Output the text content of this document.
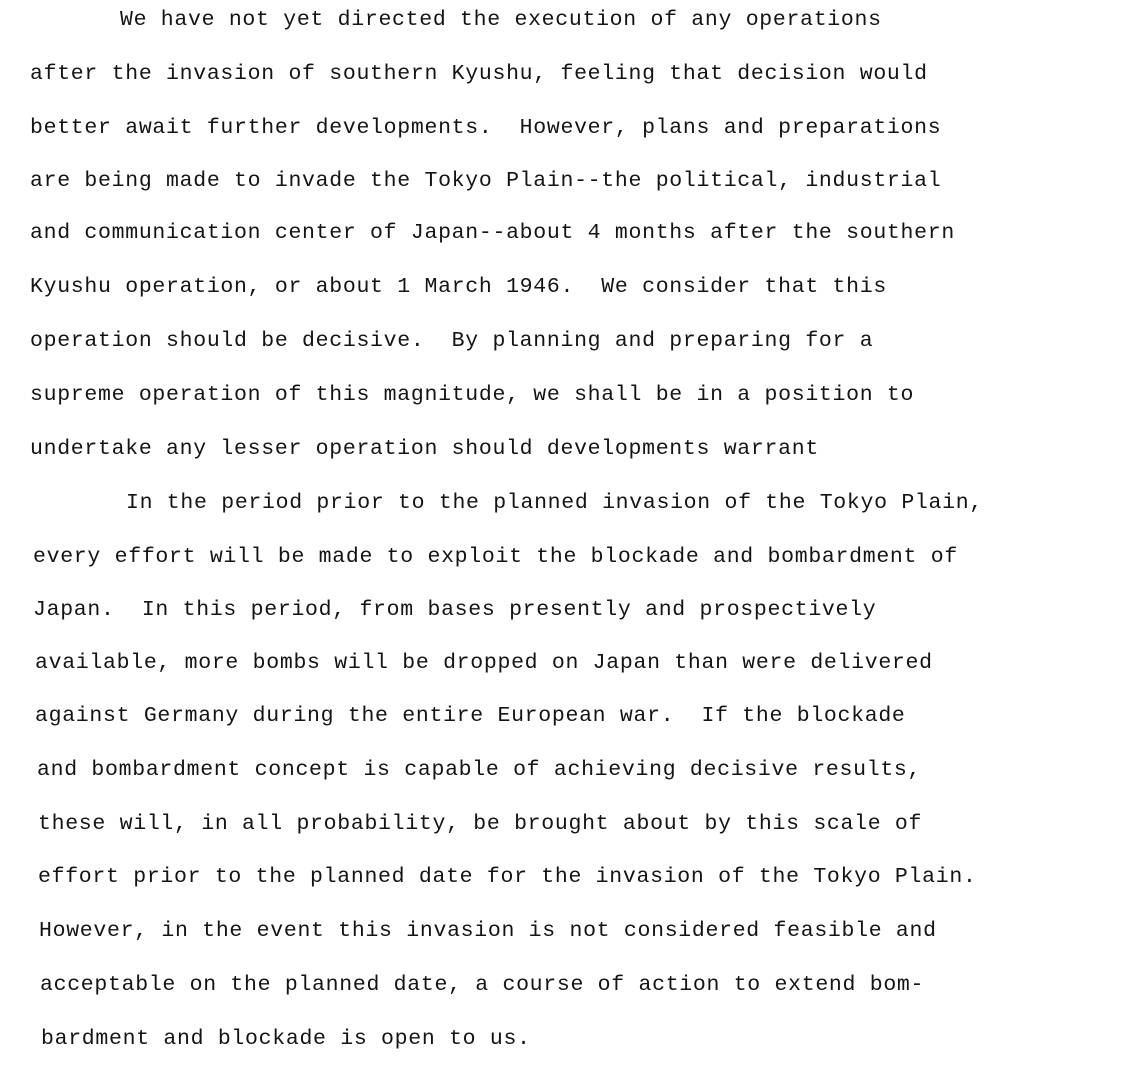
We have not yet directed the execution of any operations
after the invasion of southern Kyushu, feeling that decision would
better await further developments.  However, plans and preparations
are being made to invade the Tokyo Plain--the political, industrial
and communication center of Japan--about 4 months after the southern
Kyushu operation, or about 1 March 1946.  We consider that this
operation should be decisive.  By planning and preparing for a
supreme operation of this magnitude, we shall be in a position to
undertake any lesser operation should developments warrant
In the period prior to the planned invasion of the Tokyo Plain,
every effort will be made to exploit the blockade and bombardment of
Japan.  In this period, from bases presently and prospectively
available, more bombs will be dropped on Japan than were delivered
against Germany during the entire European war.  If the blockade
and bombardment concept is capable of achieving decisive results,
these will, in all probability, be brought about by this scale of
effort prior to the planned date for the invasion of the Tokyo Plain.
However, in the event this invasion is not considered feasible and
acceptable on the planned date, a course of action to extend bom-
bardment and blockade is open to us.
